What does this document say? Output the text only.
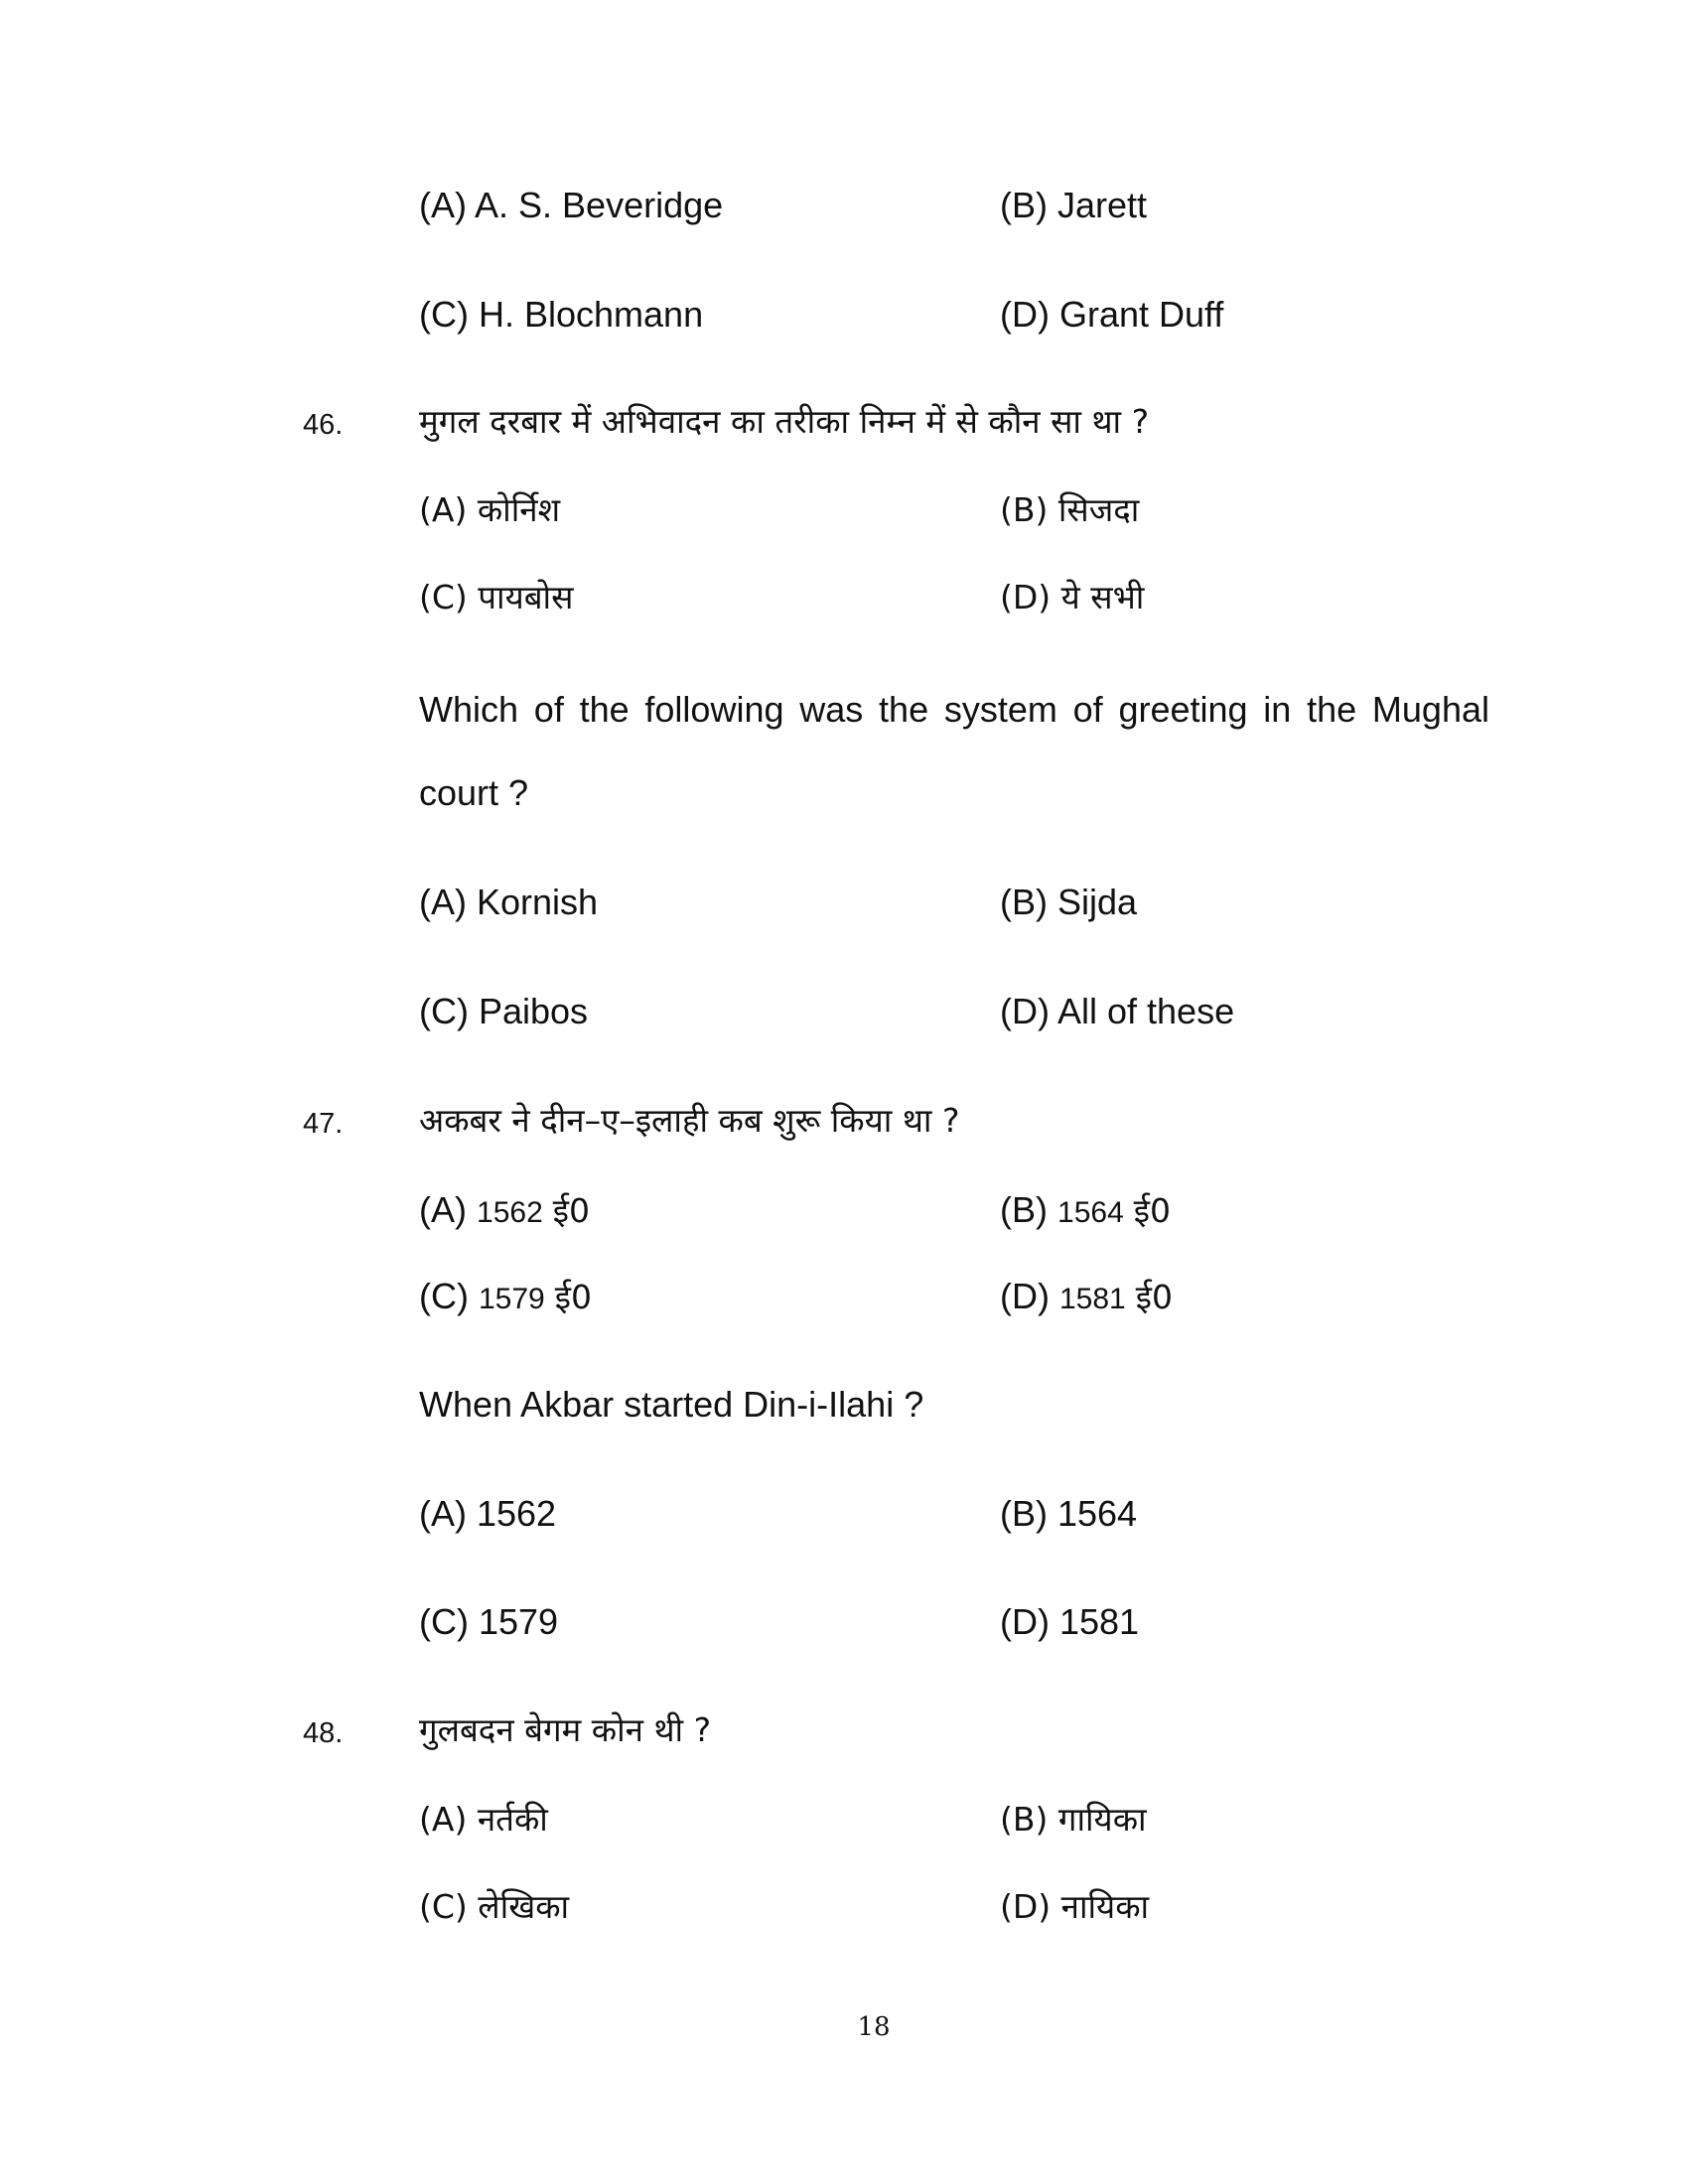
(A) A. S. Beveridge	(B) Jarett
(C) H. Blochmann	(D) Grant Duff
46. मुगल दरबार में अभिवादन का तरीका निम्न में से कौन सा था ?
(A) कोर्निश	(B) सिजदा
(C) पायबोस	(D) ये सभी
Which of the following was the system of greeting in the Mughal
court ?
(A) Kornish	(B) Sijda
(C) Paibos	(D) All of these
47. अकबर ने दीन–ए–इलाही कब शुरू किया था ?
(A) 1562 ई0	(B) 1564 ई0
(C) 1579 ई0	(D) 1581 ई0
When Akbar started Din-i-Ilahi ?
(A) 1562	(B) 1564
(C) 1579	(D) 1581
48. गुलबदन बेगम कोन थी ?
(A) नर्तकी	(B) गायिका
(C) लेखिका	(D) नायिका
18
